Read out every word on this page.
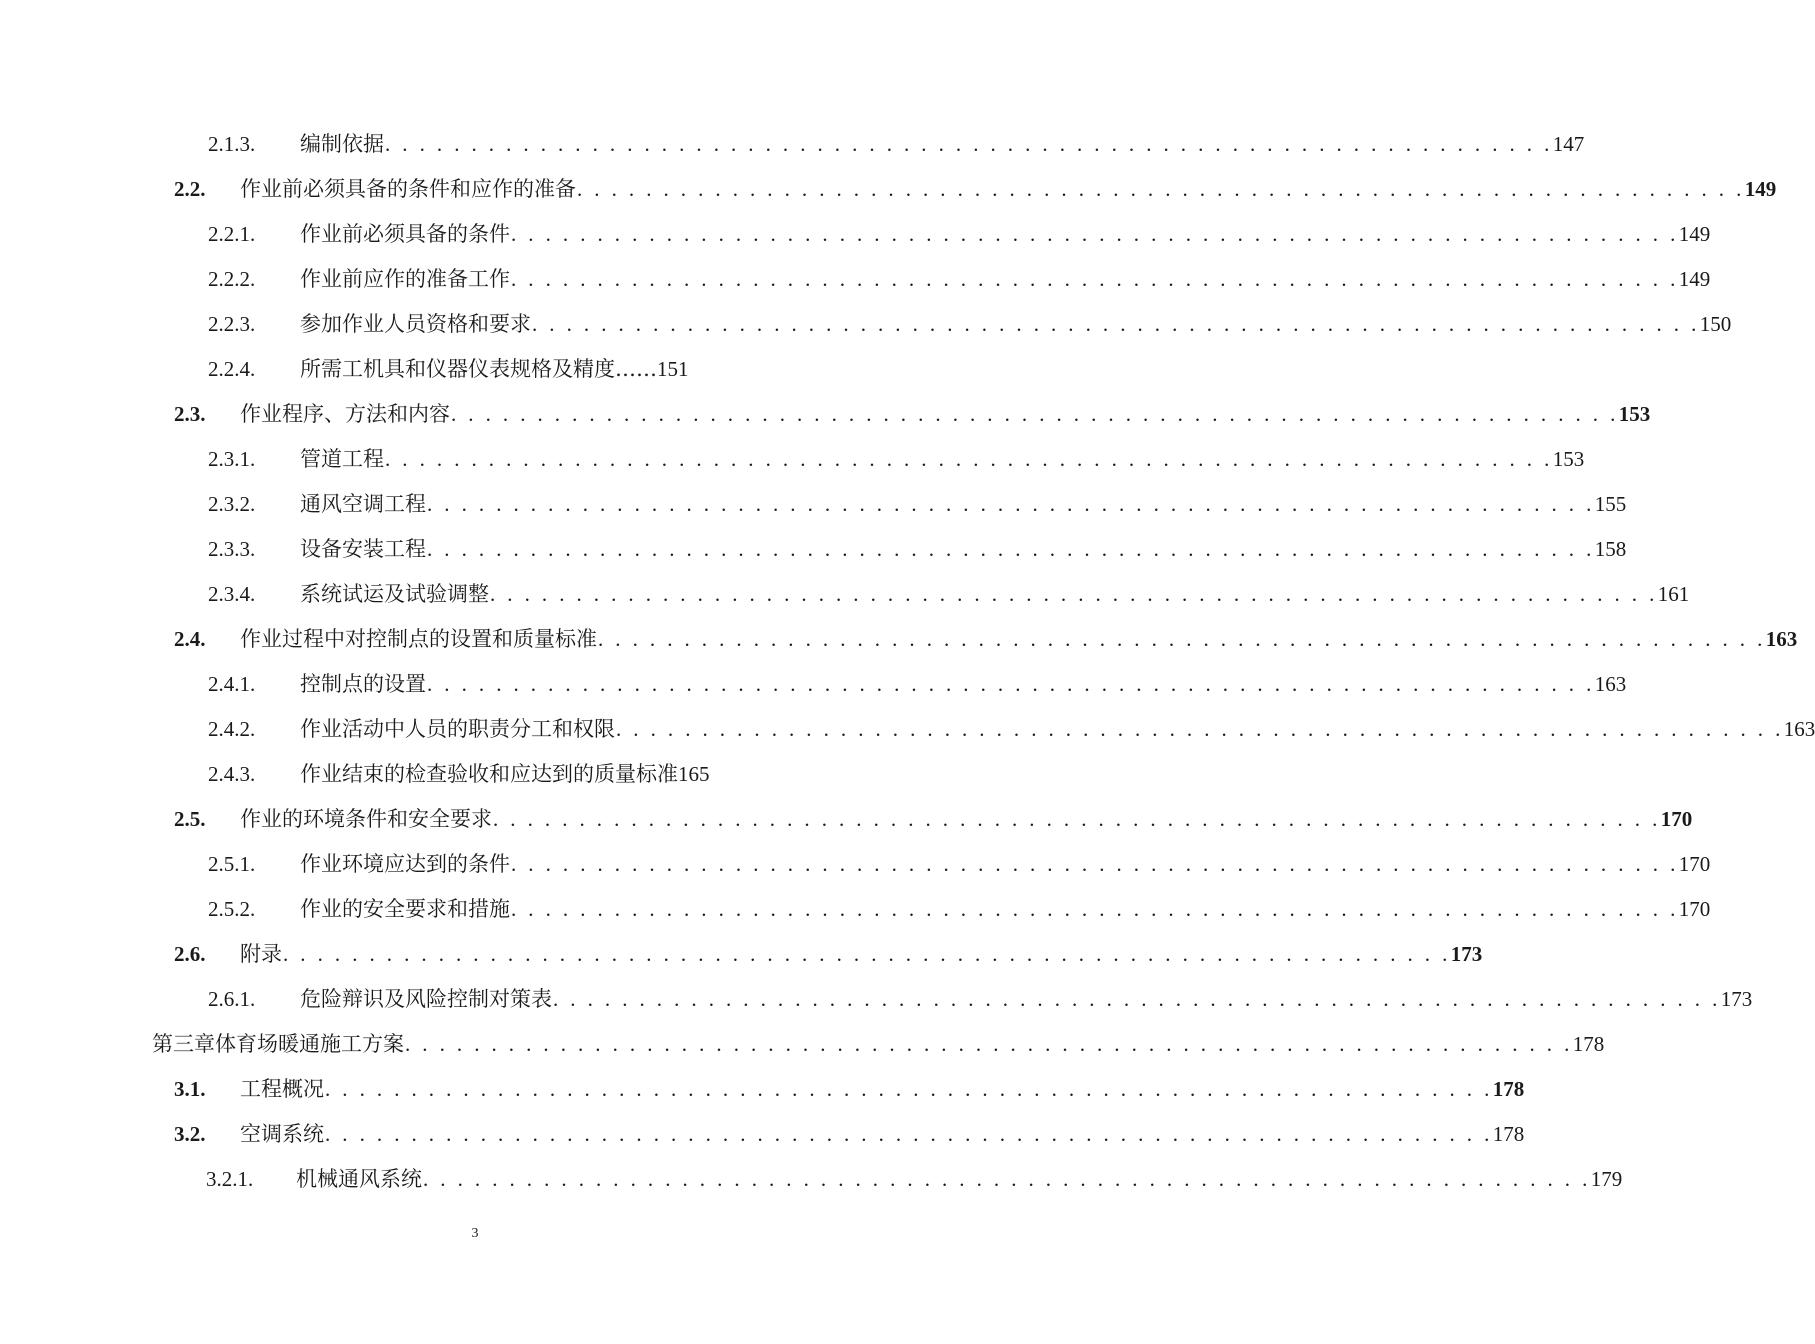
2.1.3.	编制依据 . . . . . . . . . . . . . . . . . . . . . . . . . . . . . . . . . . . . . . . . . . . . . . . . . . . . . . . . . . . . . . . . . . . . 147
2.2.	作业前必须具备的条件和应作的准备 . . . . . . . . . . . . . . . . . . . . . . . . . . . . . . . . . . . . . . . . . . . . . . . . . . . . . . . . . . . . . . . . . . . . 149
2.2.1.	作业前必须具备的条件 . . . . . . . . . . . . . . . . . . . . . . . . . . . . . . . . . . . . . . . . . . . . . . . . . . . . . . . . . . . . . . . . . . . . 149
2.2.2.	作业前应作的准备工作 . . . . . . . . . . . . . . . . . . . . . . . . . . . . . . . . . . . . . . . . . . . . . . . . . . . . . . . . . . . . . . . . . . . . 149
2.2.3.	参加作业人员资格和要求 . . . . . . . . . . . . . . . . . . . . . . . . . . . . . . . . . . . . . . . . . . . . . . . . . . . . . . . . . . . . . . . . . . . . 150
2.2.4.	所需工机具和仪器仪表规格及精度…… 151
2.3.	作业程序、方法和内容 . . . . . . . . . . . . . . . . . . . . . . . . . . . . . . . . . . . . . . . . . . . . . . . . . . . . . . . . . . . . . . . . . . . . 153
2.3.1.	管道工程 . . . . . . . . . . . . . . . . . . . . . . . . . . . . . . . . . . . . . . . . . . . . . . . . . . . . . . . . . . . . . . . . . . . . 153
2.3.2.	通风空调工程 . . . . . . . . . . . . . . . . . . . . . . . . . . . . . . . . . . . . . . . . . . . . . . . . . . . . . . . . . . . . . . . . . . . . 155
2.3.3.	设备安装工程 . . . . . . . . . . . . . . . . . . . . . . . . . . . . . . . . . . . . . . . . . . . . . . . . . . . . . . . . . . . . . . . . . . . . 158
2.3.4.	系统试运及试验调整 . . . . . . . . . . . . . . . . . . . . . . . . . . . . . . . . . . . . . . . . . . . . . . . . . . . . . . . . . . . . . . . . . . . . 161
2.4.	作业过程中对控制点的设置和质量标准 . . . . . . . . . . . . . . . . . . . . . . . . . . . . . . . . . . . . . . . . . . . . . . . . . . . . . . . . . . . . . . . . . . . . 163
2.4.1.	控制点的设置 . . . . . . . . . . . . . . . . . . . . . . . . . . . . . . . . . . . . . . . . . . . . . . . . . . . . . . . . . . . . . . . . . . . . 163
2.4.2.	作业活动中人员的职责分工和权限 . . . . . . . . . . . . . . . . . . . . . . . . . . . . . . . . . . . . . . . . . . . . . . . . . . . . . . . . . . . . . . . . . . . . 163
2.4.3.	作业结束的检查验收和应达到的质量标准 165
2.5.	作业的环境条件和安全要求 . . . . . . . . . . . . . . . . . . . . . . . . . . . . . . . . . . . . . . . . . . . . . . . . . . . . . . . . . . . . . . . . . . . . 170
2.5.1.	作业环境应达到的条件 . . . . . . . . . . . . . . . . . . . . . . . . . . . . . . . . . . . . . . . . . . . . . . . . . . . . . . . . . . . . . . . . . . . . 170
2.5.2.	作业的安全要求和措施 . . . . . . . . . . . . . . . . . . . . . . . . . . . . . . . . . . . . . . . . . . . . . . . . . . . . . . . . . . . . . . . . . . . . 170
2.6.	附录 . . . . . . . . . . . . . . . . . . . . . . . . . . . . . . . . . . . . . . . . . . . . . . . . . . . . . . . . . . . . . . . . . . . . 173
2.6.1.	危险辩识及风险控制对策表 . . . . . . . . . . . . . . . . . . . . . . . . . . . . . . . . . . . . . . . . . . . . . . . . . . . . . . . . . . . . . . . . . . . . 173
第三章体育场暖通施工方案 . . . . . . . . . . . . . . . . . . . . . . . . . . . . . . . . . . . . . . . . . . . . . . . . . . . . . . . . . . . . . . . . . . . . 178
3.1.	工程概况 . . . . . . . . . . . . . . . . . . . . . . . . . . . . . . . . . . . . . . . . . . . . . . . . . . . . . . . . . . . . . . . . . . . . 178
3.2.	空调系统 . . . . . . . . . . . . . . . . . . . . . . . . . . . . . . . . . . . . . . . . . . . . . . . . . . . . . . . . . . . . . . . . . . . . 178
3.2.1.	机械通风系统 . . . . . . . . . . . . . . . . . . . . . . . . . . . . . . . . . . . . . . . . . . . . . . . . . . . . . . . . . . . . . . . . . . . . 179
3
